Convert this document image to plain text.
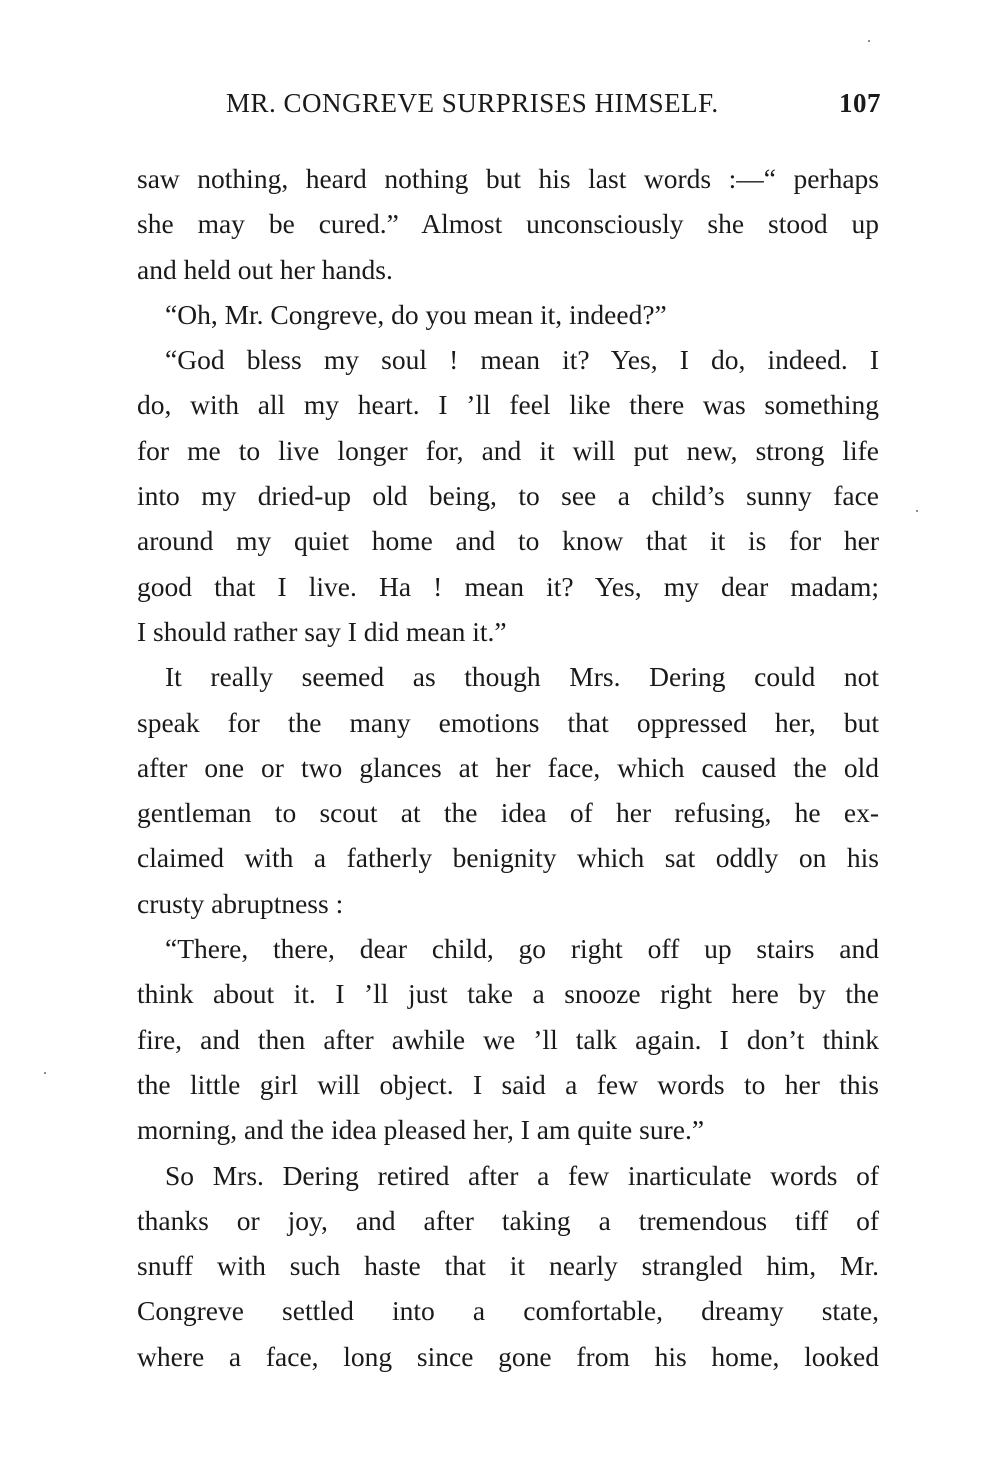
MR. CONGREVE SURPRISES HIMSELF.	107
saw nothing, heard nothing but his last words :—“ perhaps
she may be cured.” Almost unconsciously she stood up
and held out her hands.
“Oh, Mr. Congreve, do you mean it, indeed?”
“God bless my soul ! mean it? Yes, I do, indeed. I
do, with all my heart. I ’ll feel like there was something
for me to live longer for, and it will put new, strong life
into my dried-up old being, to see a child’s sunny face
around my quiet home and to know that it is for her
good that I live. Ha ! mean it? Yes, my dear madam;
I should rather say I did mean it.”
It really seemed as though Mrs. Dering could not
speak for the many emotions that oppressed her, but
after one or two glances at her face, which caused the old
gentleman to scout at the idea of her refusing, he ex-
claimed with a fatherly benignity which sat oddly on his
crusty abruptness :
“There, there, dear child, go right off up stairs and
think about it. I ’ll just take a snooze right here by the
fire, and then after awhile we ’ll talk again. I don’t think
the little girl will object. I said a few words to her this
morning, and the idea pleased her, I am quite sure.”
So Mrs. Dering retired after a few inarticulate words of
thanks or joy, and after taking a tremendous tiff of
snuff with such haste that it nearly strangled him, Mr.
Congreve settled into a comfortable, dreamy state,
where a face, long since gone from his home, looked
